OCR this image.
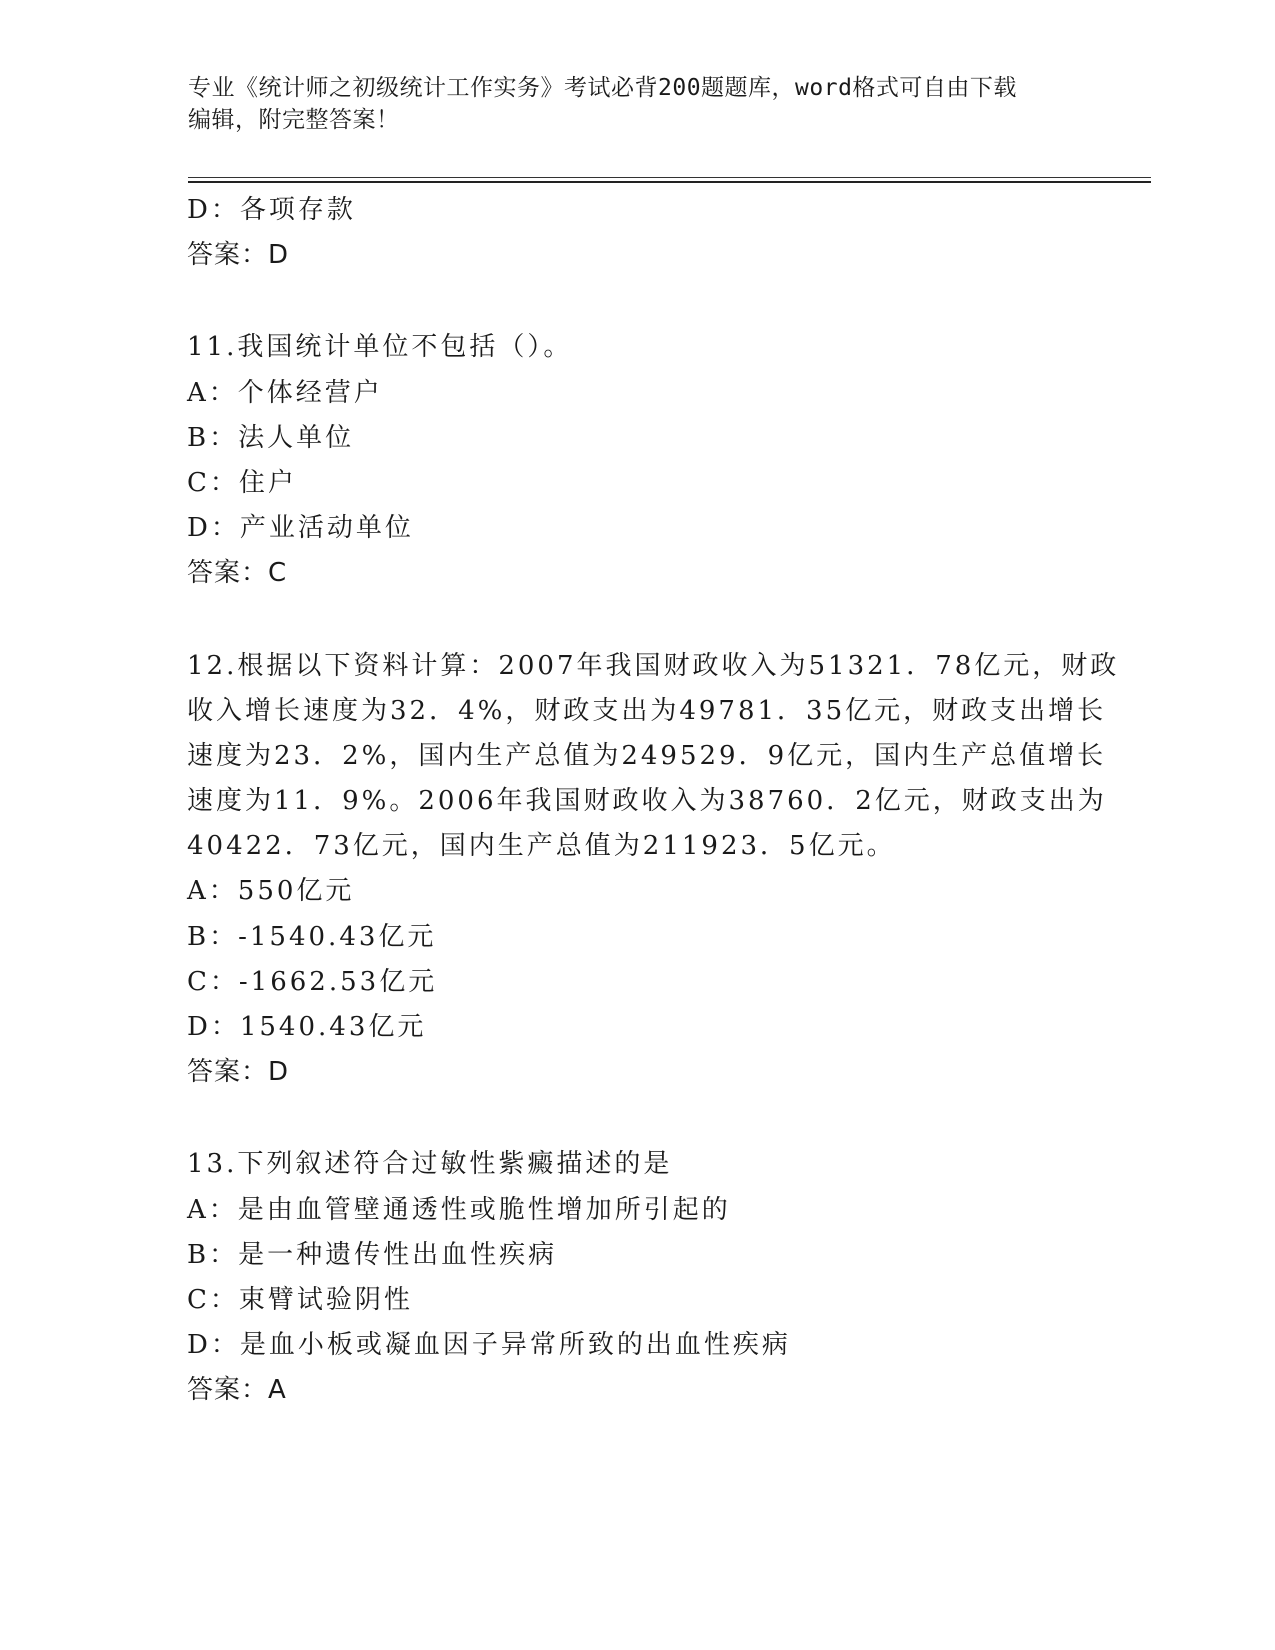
专业《统计师之初级统计工作实务》考试必背200题题库，word格式可自由下载
编辑，附完整答案！
D：各项存款
答案：D
11.我国统计单位不包括（）。
A：个体经营户
B：法人单位
C：住户
D：产业活动单位
答案：C
12.根据以下资料计算：2007年我国财政收入为51321．78亿元，财政
收入增长速度为32．4%，财政支出为49781．35亿元，财政支出增长
速度为23．2%，国内生产总值为249529．9亿元，国内生产总值增长
速度为11．9%。2006年我国财政收入为38760．2亿元，财政支出为
40422．73亿元，国内生产总值为211923．5亿元。
A：550亿元
B：-1540.43亿元
C：-1662.53亿元
D：1540.43亿元
答案：D
13.下列叙述符合过敏性紫癜描述的是
A：是由血管壁通透性或脆性增加所引起的
B：是一种遗传性出血性疾病
C：束臂试验阴性
D：是血小板或凝血因子异常所致的出血性疾病
答案：A
